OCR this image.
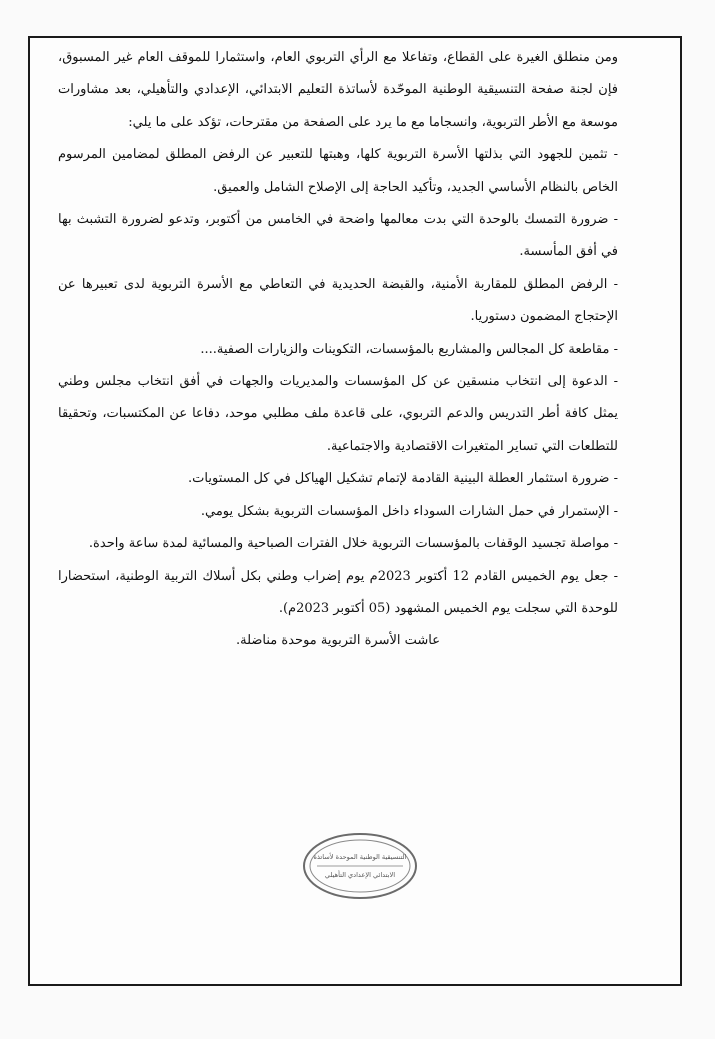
ومن منطلق الغيرة على القطاع، وتفاعلا مع الرأي التربوي العام، واستثمارا للموقف العام غير المسبوق، فإن لجنة صفحة التنسيقية الوطنية الموحّدة لأساتذة التعليم الابتدائي، الإعدادي والتأهيلي، بعد مشاورات موسعة مع الأطر التربوية، وانسجاما مع ما يرد على الصفحة من مقترحات، تؤكد على ما يلي:

- تثمين للجهود التي بذلتها الأسرة التربوية كلها، وهبتها للتعبير عن الرفض المطلق لمضامين المرسوم الخاص بالنظام الأساسي الجديد، وتأكيد الحاجة إلى الإصلاح الشامل والعميق.

- ضرورة التمسك بالوحدة التي بدت معالمها واضحة في الخامس من أكتوبر، وتدعو لضرورة التشبث بها في أفق المأسسة.

- الرفض المطلق للمقاربة الأمنية، والقبضة الحديدية في التعاطي مع الأسرة التربوية لدى تعبيرها عن الإحتجاج المضمون دستوريا.

- مقاطعة كل المجالس والمشاريع بالمؤسسات، التكوينات والزيارات الصفية....

- الدعوة إلى انتخاب منسقين عن كل المؤسسات والمديريات والجهات في أفق انتخاب مجلس وطني يمثل كافة أطر التدريس والدعم التربوي، على قاعدة ملف مطلبي موحد، دفاعا عن المكتسبات، وتحقيقا للتطلعات التي تساير المتغيرات الاقتصادية والاجتماعية.

- ضرورة استثمار العطلة البينية القادمة لإتمام تشكيل الهياكل في كل المستويات.

- الإستمرار في حمل الشارات السوداء داخل المؤسسات التربوية بشكل يومي.

- مواصلة تجسيد الوقفات بالمؤسسات التربوية خلال الفترات الصباحية والمسائية لمدة ساعة واحدة.

- جعل يوم الخميس القادم 12 أكتوبر 2023م يوم إضراب وطني بكل أسلاك التربية الوطنية، استحضارا للوحدة التي سجلت يوم الخميس المشهود (05 أكتوبر 2023م).

عاشت الأسرة التربوية موحدة مناضلة.

التنسيقية الوطنية الموحدة لأساتذة
الابتدائي الإعدادي التأهيلي
